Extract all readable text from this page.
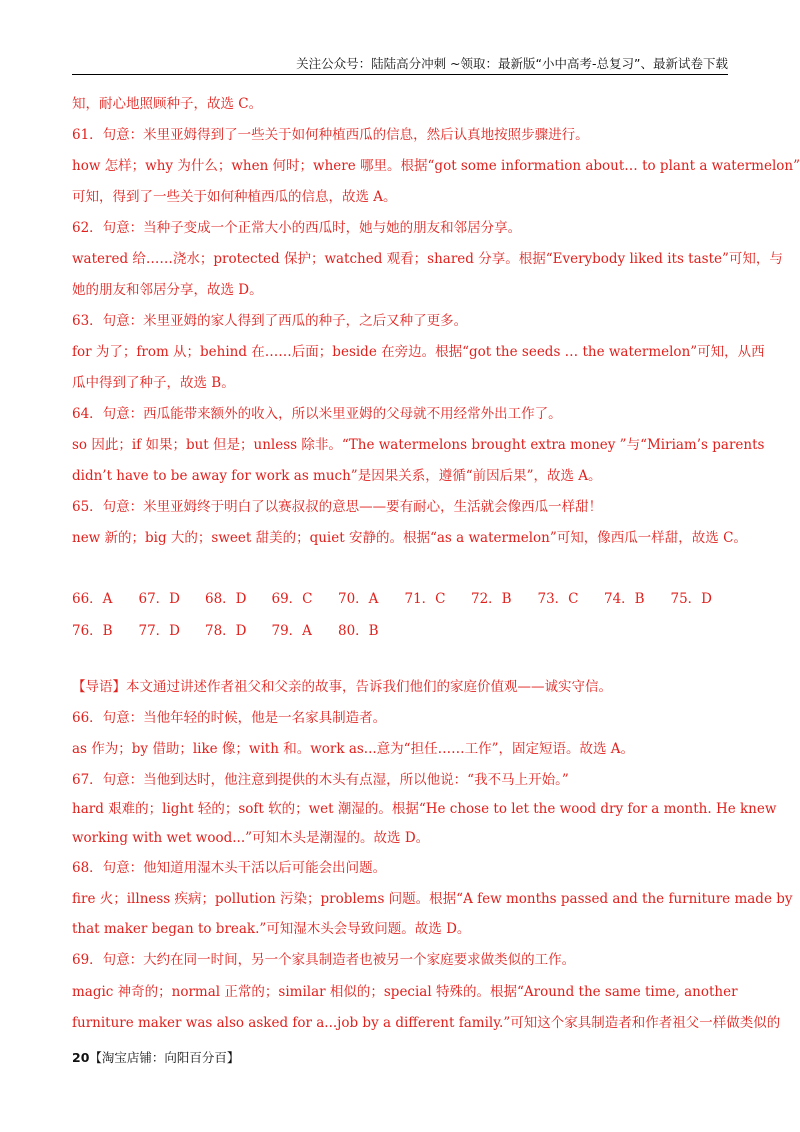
关注公众号：陆陆高分冲刺 ~领取：最新版“小中高考-总复习”、最新试卷下载
知，耐心地照顾种子，故选 C。
61．句意：米里亚姆得到了一些关于如何种植西瓜的信息，然后认真地按照步骤进行。
how 怎样；why 为什么；when 何时；where 哪里。根据“got some information about… to plant a watermelon”
可知，得到了一些关于如何种植西瓜的信息，故选 A。
62．句意：当种子变成一个正常大小的西瓜时，她与她的朋友和邻居分享。
watered 给……浇水；protected 保护；watched 观看；shared 分享。根据“Everybody liked its taste”可知，与
她的朋友和邻居分享，故选 D。
63．句意：米里亚姆的家人得到了西瓜的种子，之后又种了更多。
for 为了；from 从；behind 在……后面；beside 在旁边。根据“got the seeds … the watermelon”可知，从西
瓜中得到了种子，故选 B。
64．句意：西瓜能带来额外的收入，所以米里亚姆的父母就不用经常外出工作了。
so 因此；if 如果；but 但是；unless 除非。“The watermelons brought extra money ”与“Miriam’s parents
didn’t have to be away for work as much”是因果关系，遵循“前因后果”，故选 A。
65．句意：米里亚姆终于明白了以赛叔叔的意思——要有耐心，生活就会像西瓜一样甜！
new 新的；big 大的；sweet 甜美的；quiet 安静的。根据“as a watermelon”可知，像西瓜一样甜，故选 C。
66．A 67．D 68．D 69．C 70．A 71．C 72．B 73．C 74．B 75．D
76．B 77．D 78．D 79．A 80．B
【导语】本文通过讲述作者祖父和父亲的故事，告诉我们他们的家庭价值观——诚实守信。
66．句意：当他年轻的时候，他是一名家具制造者。
as 作为；by 借助；like 像；with 和。work as...意为“担任……工作”，固定短语。故选 A。
67．句意：当他到达时，他注意到提供的木头有点湿，所以他说：“我不马上开始。”
hard 艰难的；light 轻的；soft 软的；wet 潮湿的。根据“He chose to let the wood dry for a month. He knew
working with wet wood...”可知木头是潮湿的。故选 D。
68．句意：他知道用湿木头干活以后可能会出问题。
fire 火；illness 疾病；pollution 污染；problems 问题。根据“A few months passed and the furniture made by
that maker began to break.”可知湿木头会导致问题。故选 D。
69．句意：大约在同一时间，另一个家具制造者也被另一个家庭要求做类似的工作。
magic 神奇的；normal 正常的；similar 相似的；special 特殊的。根据“Around the same time, another
furniture maker was also asked for a...job by a different family.”可知这个家具制造者和作者祖父一样做类似的
20【淘宝店铺：向阳百分百】
